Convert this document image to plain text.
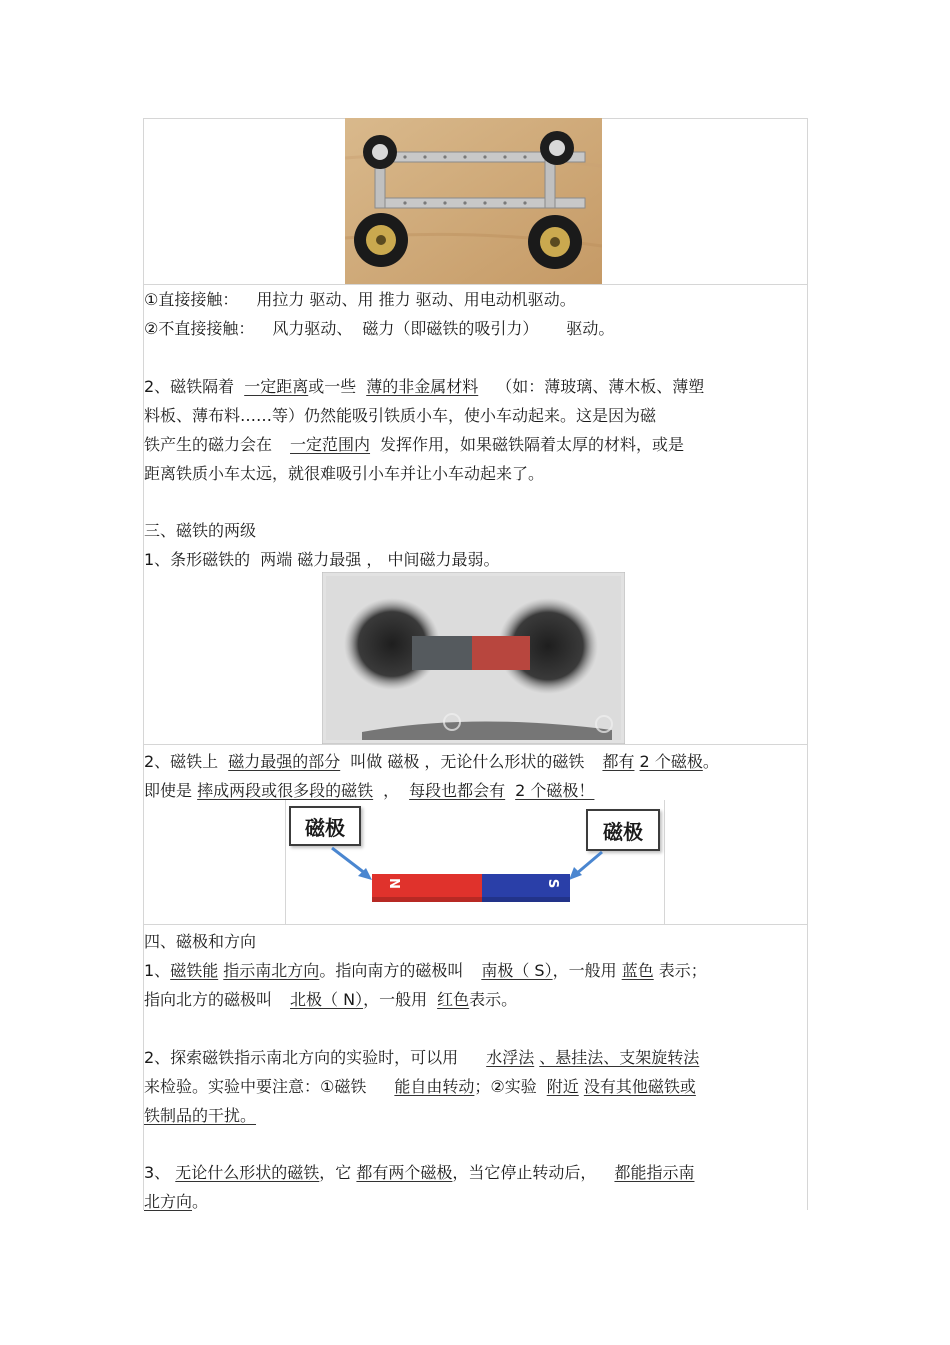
①直接接触： 用拉力 驱动、用 推力 驱动、用电动机驱动。
②不直接接触： 风力驱动、 磁力（即磁铁的吸引力） 驱动。
2、磁铁隔着 一定距离或一些 薄的非金属材料 （如：薄玻璃、薄木板、薄塑
料板、薄布料……等）仍然能吸引铁质小车，使小车动起来。这是因为磁
铁产生的磁力会在 一定范围内 发挥作用，如果磁铁隔着太厚的材料，或是
距离铁质小车太远，就很难吸引小车并让小车动起来了。
三、磁铁的两级
1、条形磁铁的 两端 磁力最强 ， 中间磁力最弱。
2、磁铁上 磁力最强的部分 叫做 磁极 ，无论什么形状的磁铁 都有 2 个磁极。
即使是 摔成两段或很多段的磁铁 ， 每段也都会有 2 个磁极！
磁极	磁极
N	S
四、磁极和方向
1、磁铁能 指示南北方向。指向南方的磁极叫 南极（ S），一般用 蓝色 表示；
指向北方的磁极叫 北极（ N），一般用 红色表示。
2、探索磁铁指示南北方向的实验时，可以用 水浮法 、悬挂法、支架旋转法
来检验。实验中要注意：①磁铁 能自由转动；②实验 附近 没有其他磁铁或
铁制品的干扰。
3、 无论什么形状的磁铁，它 都有两个磁极，当它停止转动后， 都能指示南
北方向。
